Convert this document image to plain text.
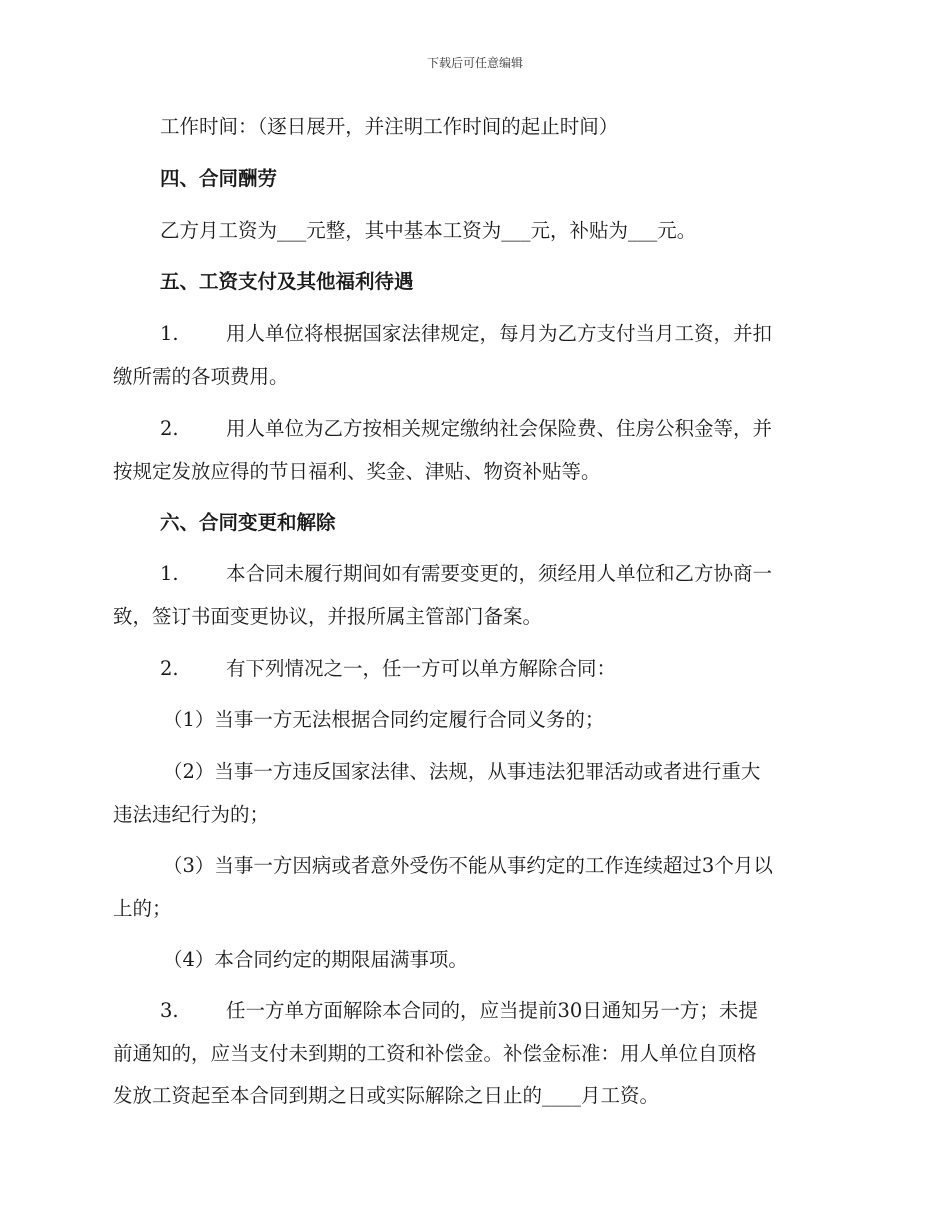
下载后可任意编辑
工作时间：（逐日展开，并注明工作时间的起止时间）
四、合同酬劳
乙方月工资为___元整，其中基本工资为___元，补贴为___元。
五、工资支付及其他福利待遇
1. 用人单位将根据国家法律规定，每月为乙方支付当月工资，并扣
缴所需的各项费用。
2. 用人单位为乙方按相关规定缴纳社会保险费、住房公积金等，并
按规定发放应得的节日福利、奖金、津贴、物资补贴等。
六、合同变更和解除
1. 本合同未履行期间如有需要变更的，须经用人单位和乙方协商一
致，签订书面变更协议，并报所属主管部门备案。
2. 有下列情况之一，任一方可以单方解除合同：
（1）当事一方无法根据合同约定履行合同义务的；
（2）当事一方违反国家法律、法规，从事违法犯罪活动或者进行重大
违法违纪行为的；
（3）当事一方因病或者意外受伤不能从事约定的工作连续超过3个月以
上的；
（4）本合同约定的期限届满事项。
3. 任一方单方面解除本合同的，应当提前30日通知另一方；未提
前通知的，应当支付未到期的工资和补偿金。补偿金标准：用人单位自顶格
发放工资起至本合同到期之日或实际解除之日止的____月工资。
